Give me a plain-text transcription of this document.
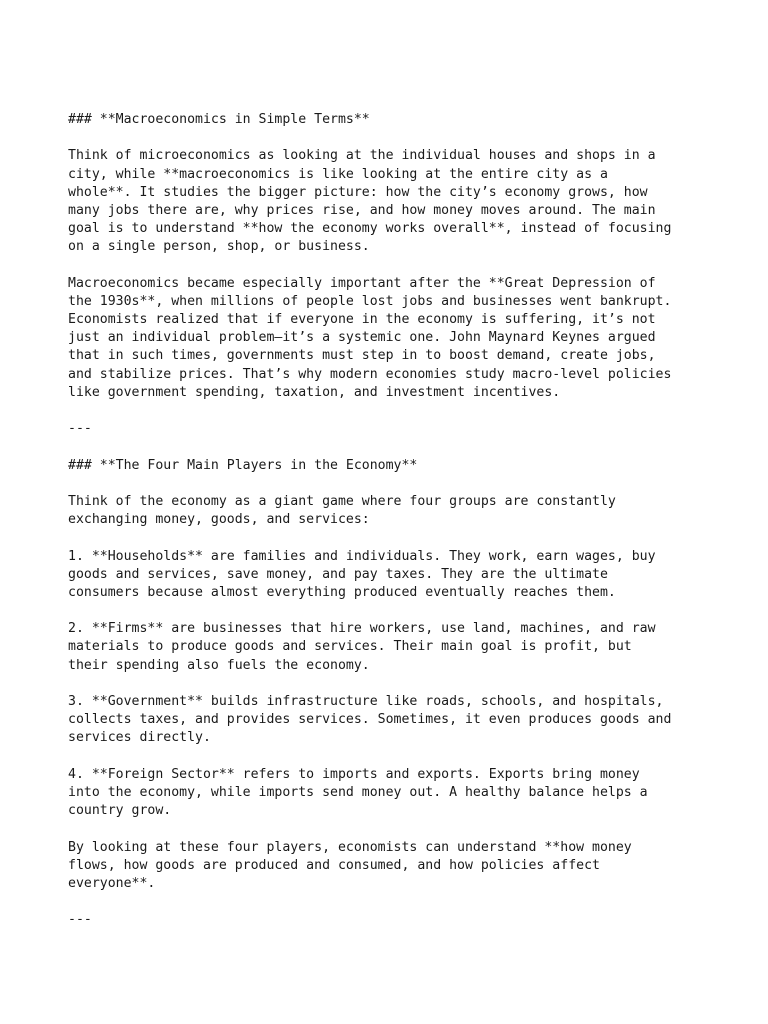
### **Macroeconomics in Simple Terms**
Think of microeconomics as looking at the individual houses and shops in a
city, while **macroeconomics is like looking at the entire city as a
whole**. It studies the bigger picture: how the city’s economy grows, how
many jobs there are, why prices rise, and how money moves around. The main
goal is to understand **how the economy works overall**, instead of focusing
on a single person, shop, or business.
Macroeconomics became especially important after the **Great Depression of
the 1930s**, when millions of people lost jobs and businesses went bankrupt.
Economists realized that if everyone in the economy is suffering, it’s not
just an individual problem—it’s a systemic one. John Maynard Keynes argued
that in such times, governments must step in to boost demand, create jobs,
and stabilize prices. That’s why modern economies study macro-level policies
like government spending, taxation, and investment incentives.
---
### **The Four Main Players in the Economy**
Think of the economy as a giant game where four groups are constantly
exchanging money, goods, and services:
1. **Households** are families and individuals. They work, earn wages, buy
goods and services, save money, and pay taxes. They are the ultimate
consumers because almost everything produced eventually reaches them.
2. **Firms** are businesses that hire workers, use land, machines, and raw
materials to produce goods and services. Their main goal is profit, but
their spending also fuels the economy.
3. **Government** builds infrastructure like roads, schools, and hospitals,
collects taxes, and provides services. Sometimes, it even produces goods and
services directly.
4. **Foreign Sector** refers to imports and exports. Exports bring money
into the economy, while imports send money out. A healthy balance helps a
country grow.
By looking at these four players, economists can understand **how money
flows, how goods are produced and consumed, and how policies affect
everyone**.
---
